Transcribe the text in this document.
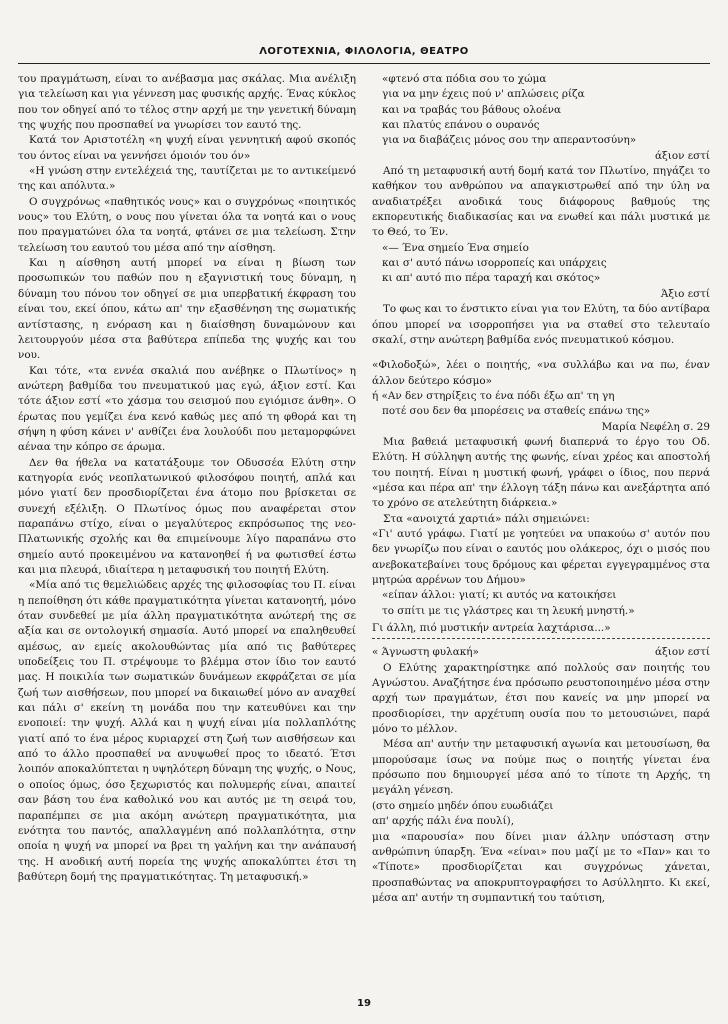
ΛΟΓΟΤΕΧΝΙΑ, ΦΙΛΟΛΟΓΙΑ, ΘΕΑΤΡΟ

του πραγμάτωση, είναι το ανέβασμα μας σκάλας. Μια ανέλιξη για τελείωση και για γέννεση μας φυσικής αρχής. Ένας κύκλος που τον οδηγεί από το τέλος στην αρχή με την γενετική δύναμη της ψυχής που προσπαθεί να γνωρίσει τον εαυτό της.

Κατά τον Αριστοτέλη «η ψυχή είναι γεννητική αφού σκοπός του όντος είναι να γεννήσει όμοιόν του όν»

«Η γνώση στην εντελέχειά της, ταυτίζεται με το αντικείμενό της και απόλυτα.»

Ο συγχρόνως «παθητικός νους» και ο συγχρόνως «ποιητικός νους» του Ελύτη, ο νους που γίνεται όλα τα νοητά και ο νους που πραγματώνει όλα τα νοητά, φτάνει σε μια τελείωση. Στην τελείωση του εαυτού του μέσα από την αίσθηση.

Και η αίσθηση αυτή μπορεί να είναι η βίωση των προσωπικών του παθών που η εξαγνιστική τους δύναμη, η δύναμη του πόνου τον οδηγεί σε μια υπερβατική έκφραση του είναι του, εκεί όπου, κάτω απ' την εξασθένηση της σωματικής αντίστασης, η ενόραση και η διαίσθηση δυναμώνουν και λειτουργούν μέσα στα βαθύτερα επίπεδα της ψυχής και του νου.

Και τότε, «τα εννέα σκαλιά που ανέβηκε ο Πλωτίνος» η ανώτερη βαθμίδα του πνευματικού μας εγώ, άξιον εστί. Και τότε άξιον εστί «το χάσμα του σεισμού που εγιόμισε άνθη». Ο έρωτας που γεμίζει ένα κενό καθώς μες από τη φθορά και τη σήψη η φύση κάνει ν' ανθίζει ένα λουλούδι που μεταμορφώνει αέναα την κόπρο σε άρωμα.

Δεν θα ήθελα να κατατάξουμε τον Οδυσσέα Ελύτη στην κατηγορία ενός νεοπλατωνικού φιλοσόφου ποιητή, απλά και μόνο γιατί δεν προσδιορίζεται ένα άτομο που βρίσκεται σε συνεχή εξέλιξη. Ο Πλωτίνος όμως που αναφέρεται στον παραπάνω στίχο, είναι ο μεγαλύτερος εκπρόσωπος της νεο-Πλατωνικής σχολής και θα επιμείνουμε λίγο παραπάνω στο σημείο αυτό προκειμένου να κατανοηθεί ή να φωτισθεί έστω και μια πλευρά, ιδιαίτερα η μεταφυσική του ποιητή Ελύτη.

«Μία από τις θεμελιώδεις αρχές της φιλοσοφίας του Π. είναι η πεποίθηση ότι κάθε πραγματικότητα γίνεται κατανοητή, μόνο όταν συνδεθεί με μία άλλη πραγματικότητα ανώτερή της σε αξία και σε οντολογική σημασία. Αυτό μπορεί να επαληθευθεί αμέσως, αν εμείς ακολουθώντας μία από τις βαθύτερες υποδείξεις του Π. στρέψουμε το βλέμμα στον ίδιο τον εαυτό μας. Η ποικιλία των σωματικών δυνάμεων εκφράζεται σε μία ζωή των αισθήσεων, που μπορεί να δικαιωθεί μόνο αν αναχθεί και πάλι σ' εκείνη τη μονάδα που την κατευθύνει και την ενοποιεί: την ψυχή. Αλλά και η ψυχή είναι μία πολλαπλότης γιατί από το ένα μέρος κυριαρχεί στη ζωή των αισθήσεων και από το άλλο προσπαθεί να ανυψωθεί προς το ιδεατό. Έτσι λοιπόν αποκαλύπτεται η υψηλότερη δύναμη της ψυχής, ο Νους, ο οποίος όμως, όσο ξεχωριστός και πολυμερής είναι, απαιτεί σαν βάση του ένα καθολικό νου και αυτός με τη σειρά του, παραπέμπει σε μια ακόμη ανώτερη πραγματικότητα, μια ενότητα του παντός, απαλλαγμένη από πολλαπλότητα, στην οποία η ψυχή να μπορεί να βρει τη γαλήνη και την ανάπαυσή της. Η ανοδική αυτή πορεία της ψυχής αποκαλύπτει έτσι τη βαθύτερη δομή της πραγματικότητας. Τη μεταφυσική.»

«φτενό στα πόδια σου το χώμα

για να μην έχεις πού ν' απλώσεις ρίζα

και να τραβάς του βάθους ολοένα

και πλατύς επάνου ο ουρανός

για να διαβάζεις μόνος σου την απεραντοσύνη»

άξιον εστί

Από τη μεταφυσική αυτή δομή κατά τον Πλωτίνο, πηγάζει το καθήκον του ανθρώπου να απαγκιστρωθεί από την ύλη να αναδιατρέξει ανοδικά τους διάφορους βαθμούς της εκπορευτικής διαδικασίας και να ενωθεί και πάλι μυστικά με το Θεό, το Έν.

«— Ένα σημείο Ένα σημείο

και σ' αυτό πάνω ισορροπείς και υπάρχεις

κι απ' αυτό πιο πέρα ταραχή και σκότος»

Άξιο εστί

Το φως και το ένστικτο είναι για τον Ελύτη, τα δύο αντίβαρα όπου μπορεί να ισορροπήσει για να σταθεί στο τελευταίο σκαλί, στην ανώτερη βαθμίδα ενός πνευματικού κόσμου.

«Φιλοδοξώ», λέει ο ποιητής, «να συλλάβω και να πω, έναν άλλον δεύτερο κόσμο»

ή «Αν δεν στηρίξεις το ένα πόδι έξω απ' τη γη

ποτέ σου δεν θα μπορέσεις να σταθείς επάνω της»

Μαρία Νεφέλη σ. 29

Μια βαθειά μεταφυσική φωνή διαπερνά το έργο του Οδ. Ελύτη. Η σύλληψη αυτής της φωνής, είναι χρέος και αποστολή του ποιητή. Είναι η μυστική φωνή, γράφει ο ίδιος, που περνά «μέσα και πέρα απ' την έλλογη τάξη πάνω και ανεξάρτητα από το χρόνο σε ατελεύτητη διάρκεια.»

Στα «ανοιχτά χαρτιά» πάλι σημειώνει:

«Γι' αυτό γράφω. Γιατί με γοητεύει να υπακούω σ' αυτόν που δεν γνωρίζω που είναι ο εαυτός μου ολάκερος, όχι ο μισός που ανεβοκατεβαίνει τους δρόμους και φέρεται εγγεγραμμένος στα μητρώα αρρένων του Δήμου»

«είπαν άλλοι: γιατί; κι αυτός να κατοικήσει

το σπίτι με τις γλάστρες και τη λευκή μνηστή.»

Γι άλλη, πιό μυστικήν αντρεία λαχτάρισα...»

« Άγνωστη φυλακή»	άξιον εστί

Ο Ελύτης χαρακτηρίστηκε από πολλούς σαν ποιητής του Αγνώστου. Αναζήτησε ένα πρόσωπο ρευστοποιημένο μέσα στην αρχή των πραγμάτων, έτσι που κανείς να μην μπορεί να προσδιορίσει, την αρχέτυπη ουσία που το μετουσιώνει, παρά μόνο το μέλλον.

Μέσα απ' αυτήν την μεταφυσική αγωνία και μετουσίωση, θα μπορούσαμε ίσως να πούμε πως ο ποιητής γίνεται ένα πρόσωπο που δημιουργεί μέσα από το τίποτε τη Αρχής, τη μεγάλη γένεση.

(στο σημείο μηδέν όπου ευωδιάζει

απ' αρχής πάλι ένα πουλί),

μια «παρουσία» που δίνει μιαν άλλην υπόσταση στην ανθρώπινη ύπαρξη. Ένα «είναι» που μαζί με το «Παν» και το «Τίποτε» προσδιορίζεται και συγχρόνως χάνεται, προσπαθώντας να αποκρυπτογραφήσει το Ασύλληπτο. Κι εκεί, μέσα απ' αυτήν τη συμπαντική του ταύτιση,

19
